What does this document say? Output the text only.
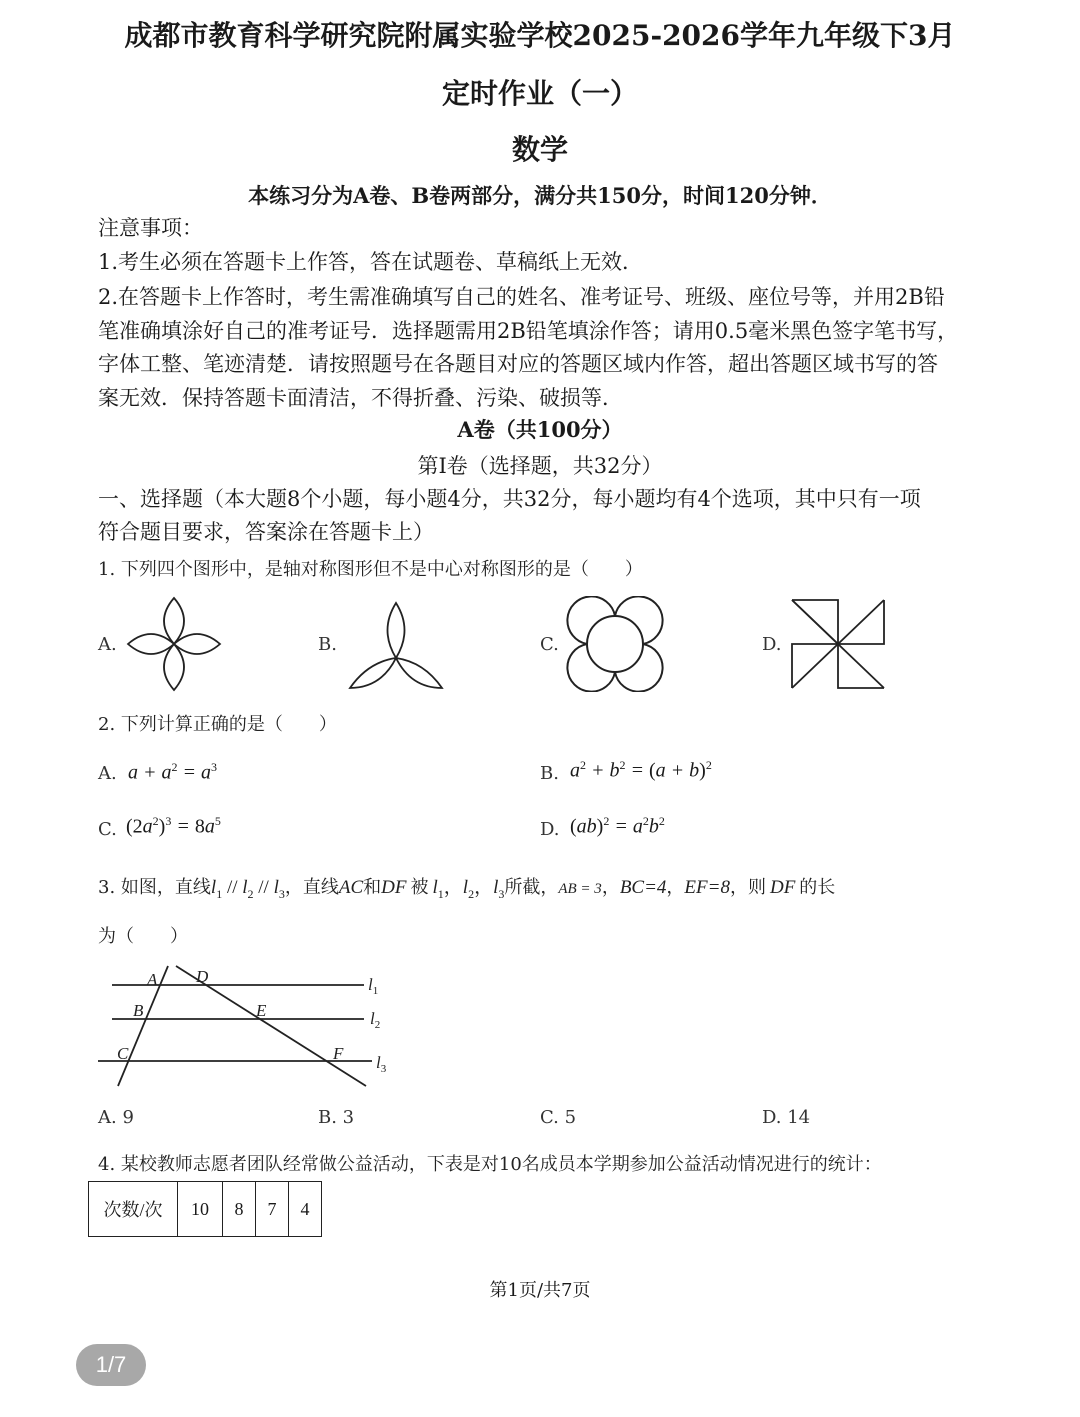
成都市教育科学研究院附属实验学校2025-2026学年九年级下3月
定时作业（一）
数学
本练习分为A卷、B卷两部分，满分共150分，时间120分钟．
注意事项：
1.考生必须在答题卡上作答，答在试题卷、草稿纸上无效．
2.在答题卡上作答时，考生需准确填写自己的姓名、准考证号、班级、座位号等，并用2B铅
笔准确填涂好自己的准考证号．选择题需用2B铅笔填涂作答；请用0.5毫米黑色签字笔书写，
字体工整、笔迹清楚．请按照题号在各题目对应的答题区域内作答，超出答题区域书写的答
案无效．保持答题卡面清洁，不得折叠、污染、破损等．
A卷（共100分）
第Ⅰ卷（选择题，共32分）
一、选择题（本大题8个小题，每小题4分，共32分，每小题均有4个选项，其中只有一项
符合题目要求，答案涂在答题卡上）
1. 下列四个图形中，是轴对称图形但不是中心对称图形的是（　　）
A.	B.	C.	D.
2. 下列计算正确的是（　　）
A. $a + a^2 = a^3$	B. $a^2 + b^2 = (a + b)^2$
C. $(2a^2)^3 = 8a^5$	D. $(ab)^2 = a^2b^2$
3. 如图，直线 $l_1 // l_2 // l_3$ ，直线 AC 和 DF 被 $l_1$，$l_2$，$l_3$ 所截， AB = 3 ， BC=4 ， EF=8 ，则 DF 的长
为（　　）
A D
B	E
C	F
$l_1$
$l_2$
$l_3$
A. 9	B. 3	C. 5	D. 14
4. 某校教师志愿者团队经常做公益活动，下表是对10名成员本学期参加公益活动情况进行的统计：
次数/次	10	8	7	4
第1页/共7页
1/7
